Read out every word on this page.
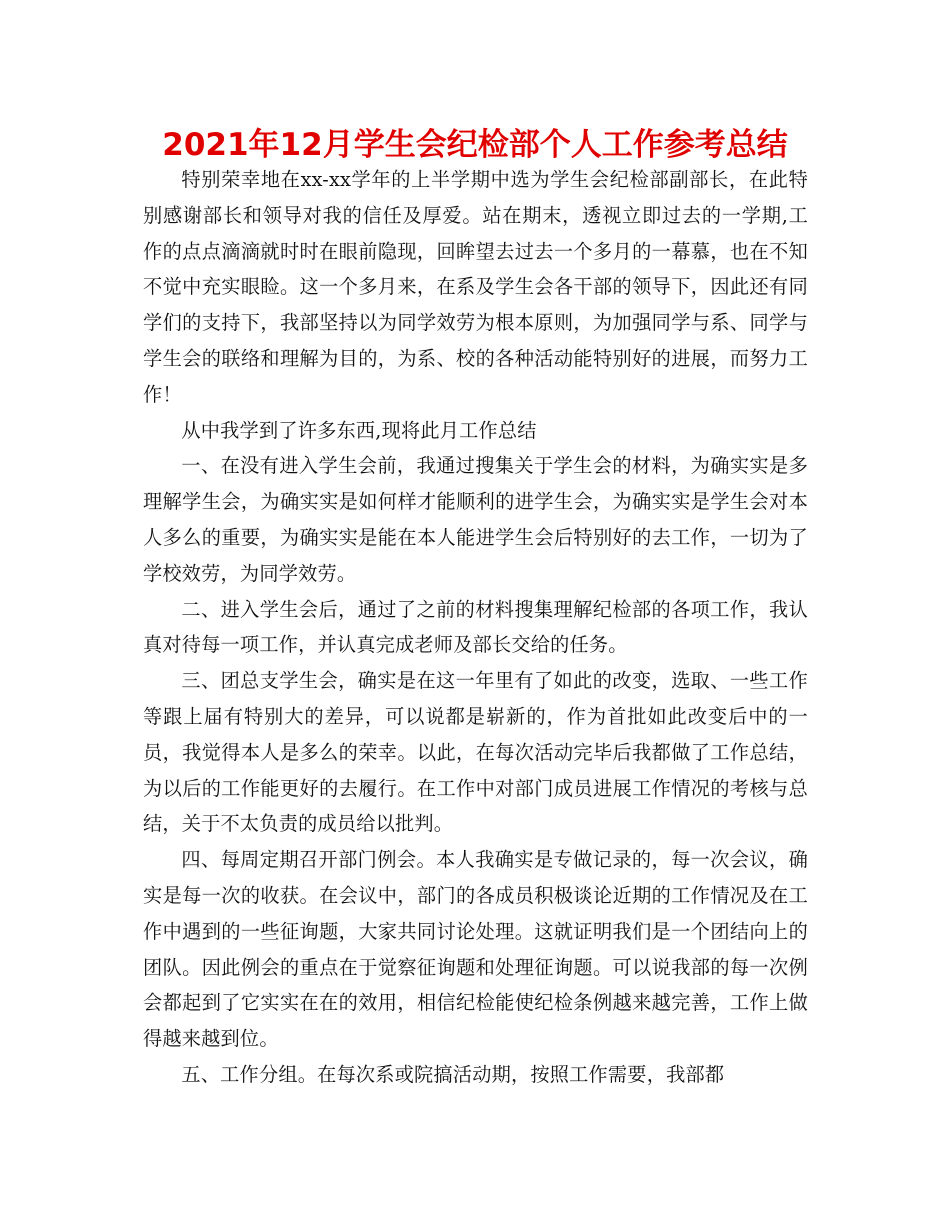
2021年12月学生会纪检部个人工作参考总结

特别荣幸地在xx-xx学年的上半学期中选为学生会纪检部副部长，在此特别感谢部长和领导对我的信任及厚爱。站在期末，透视立即过去的一学期,工作的点点滴滴就时时在眼前隐现，回眸望去过去一个多月的一幕慕，也在不知不觉中充实眼睑。这一个多月来，在系及学生会各干部的领导下，因此还有同学们的支持下，我部坚持以为同学效劳为根本原则，为加强同学与系、同学与学生会的联络和理解为目的，为系、校的各种活动能特别好的进展，而努力工作！

从中我学到了许多东西,现将此月工作总结

一、在没有进入学生会前，我通过搜集关于学生会的材料，为确实实是多理解学生会，为确实实是如何样才能顺利的进学生会，为确实实是学生会对本人多么的重要，为确实实是能在本人能进学生会后特别好的去工作，一切为了学校效劳，为同学效劳。

二、进入学生会后，通过了之前的材料搜集理解纪检部的各项工作，我认真对待每一项工作，并认真完成老师及部长交给的任务。

三、团总支学生会，确实是在这一年里有了如此的改变，选取、一些工作等跟上届有特别大的差异，可以说都是崭新的，作为首批如此改变后中的一员，我觉得本人是多么的荣幸。以此，在每次活动完毕后我都做了工作总结，为以后的工作能更好的去履行。在工作中对部门成员进展工作情况的考核与总结，关于不太负责的成员给以批判。

四、每周定期召开部门例会。本人我确实是专做记录的，每一次会议，确实是每一次的收获。在会议中，部门的各成员积极谈论近期的工作情况及在工作中遇到的一些征询题，大家共同讨论处理。这就证明我们是一个团结向上的团队。因此例会的重点在于觉察征询题和处理征询题。可以说我部的每一次例会都起到了它实实在在的效用，相信纪检能使纪检条例越来越完善，工作上做得越来越到位。

五、工作分组。在每次系或院搞活动期，按照工作需要，我部都
